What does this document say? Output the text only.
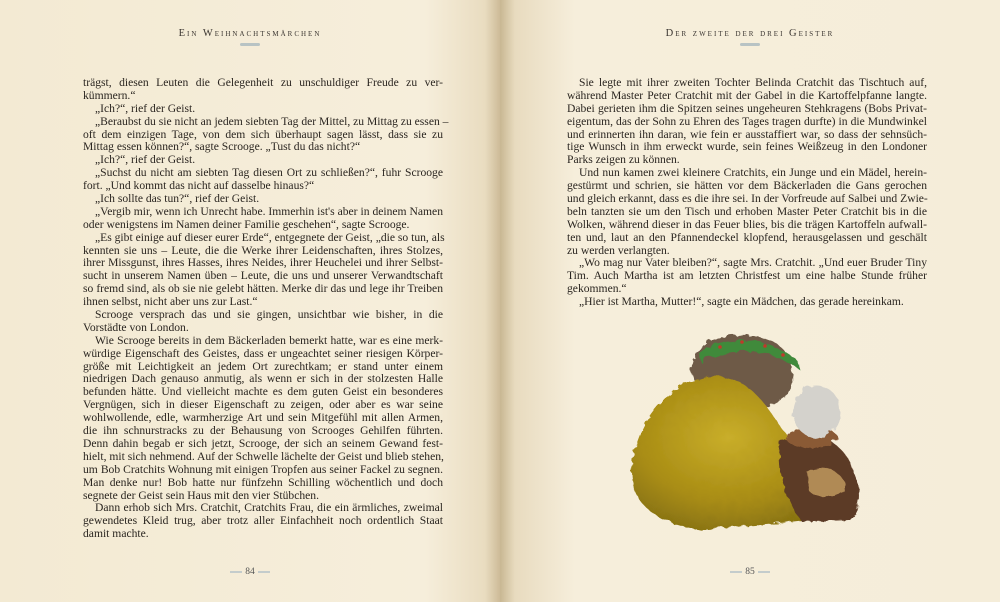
Ein Weihnachtsmärchen
trägst, diesen Leuten die Gelegenheit zu unschuldiger Freude zu ver-
kümmern.“
„Ich?“, rief der Geist.
„Beraubst du sie nicht an jedem siebten Tag der Mittel, zu Mittag zu essen –
oft dem einzigen Tage, von dem sich überhaupt sagen lässt, dass sie zu
Mittag essen können?“, sagte Scrooge. „Tust du das nicht?“
„Ich?“, rief der Geist.
„Suchst du nicht am siebten Tag diesen Ort zu schließen?“, fuhr Scrooge
fort. „Und kommt das nicht auf dasselbe hinaus?“
„Ich sollte das tun?“, rief der Geist.
„Vergib mir, wenn ich Unrecht habe. Immerhin ist's aber in deinem Namen
oder wenigstens im Namen deiner Familie geschehen“, sagte Scrooge.
„Es gibt einige auf dieser eurer Erde“, entgegnete der Geist, „die so tun, als
kennten sie uns – Leute, die die Werke ihrer Leidenschaften, ihres Stolzes,
ihrer Missgunst, ihres Hasses, ihres Neides, ihrer Heuchelei und ihrer Selbst-
sucht in unserem Namen üben – Leute, die uns und unserer Verwandtschaft
so fremd sind, als ob sie nie gelebt hätten. Merke dir das und lege ihr Treiben
ihnen selbst, nicht aber uns zur Last.“
Scrooge versprach das und sie gingen, unsichtbar wie bisher, in die
Vorstädte von London.
Wie Scrooge bereits in dem Bäckerladen bemerkt hatte, war es eine merk-
würdige Eigenschaft des Geistes, dass er ungeachtet seiner riesigen Körper-
größe mit Leichtigkeit an jedem Ort zurechtkam; er stand unter einem
niedrigen Dach genauso anmutig, als wenn er sich in der stolzesten Halle
befunden hätte. Und vielleicht machte es dem guten Geist ein besonderes
Vergnügen, sich in dieser Eigenschaft zu zeigen, oder aber es war seine
wohlwollende, edle, warmherzige Art und sein Mitgefühl mit allen Armen,
die ihn schnurstracks zu der Behausung von Scrooges Gehilfen führten.
Denn dahin begab er sich jetzt, Scrooge, der sich an seinem Gewand fest-
hielt, mit sich nehmend. Auf der Schwelle lächelte der Geist und blieb stehen,
um Bob Cratchits Wohnung mit einigen Tropfen aus seiner Fackel zu segnen.
Man denke nur! Bob hatte nur fünfzehn Schilling wöchentlich und doch
segnete der Geist sein Haus mit den vier Stübchen.
Dann erhob sich Mrs. Cratchit, Cratchits Frau, die ein ärmliches, zweimal
gewendetes Kleid trug, aber trotz aller Einfachheit noch ordentlich Staat
damit machte.
84
Der zweite der drei Geister
Sie legte mit ihrer zweiten Tochter Belinda Cratchit das Tischtuch auf,
während Master Peter Cratchit mit der Gabel in die Kartoffelpfanne langte.
Dabei gerieten ihm die Spitzen seines ungeheuren Stehkragens (Bobs Privat-
eigentum, das der Sohn zu Ehren des Tages tragen durfte) in die Mundwinkel
und erinnerten ihn daran, wie fein er ausstaffiert war, so dass der sehnsüch-
tige Wunsch in ihm erweckt wurde, sein feines Weißzeug in den Londoner
Parks zeigen zu können.
Und nun kamen zwei kleinere Cratchits, ein Junge und ein Mädel, herein-
gestürmt und schrien, sie hätten vor dem Bäckerladen die Gans gerochen
und gleich erkannt, dass es die ihre sei. In der Vorfreude auf Salbei und Zwie-
beln tanzten sie um den Tisch und erhoben Master Peter Cratchit bis in die
Wolken, während dieser in das Feuer blies, bis die trägen Kartoffeln aufwall-
ten und, laut an den Pfannendeckel klopfend, herausgelassen und geschält
zu werden verlangten.
„Wo mag nur Vater bleiben?“, sagte Mrs. Cratchit. „Und euer Bruder Tiny
Tim. Auch Martha ist am letzten Christfest um eine halbe Stunde früher
gekommen.“
„Hier ist Martha, Mutter!“, sagte ein Mädchen, das gerade hereinkam.
85
